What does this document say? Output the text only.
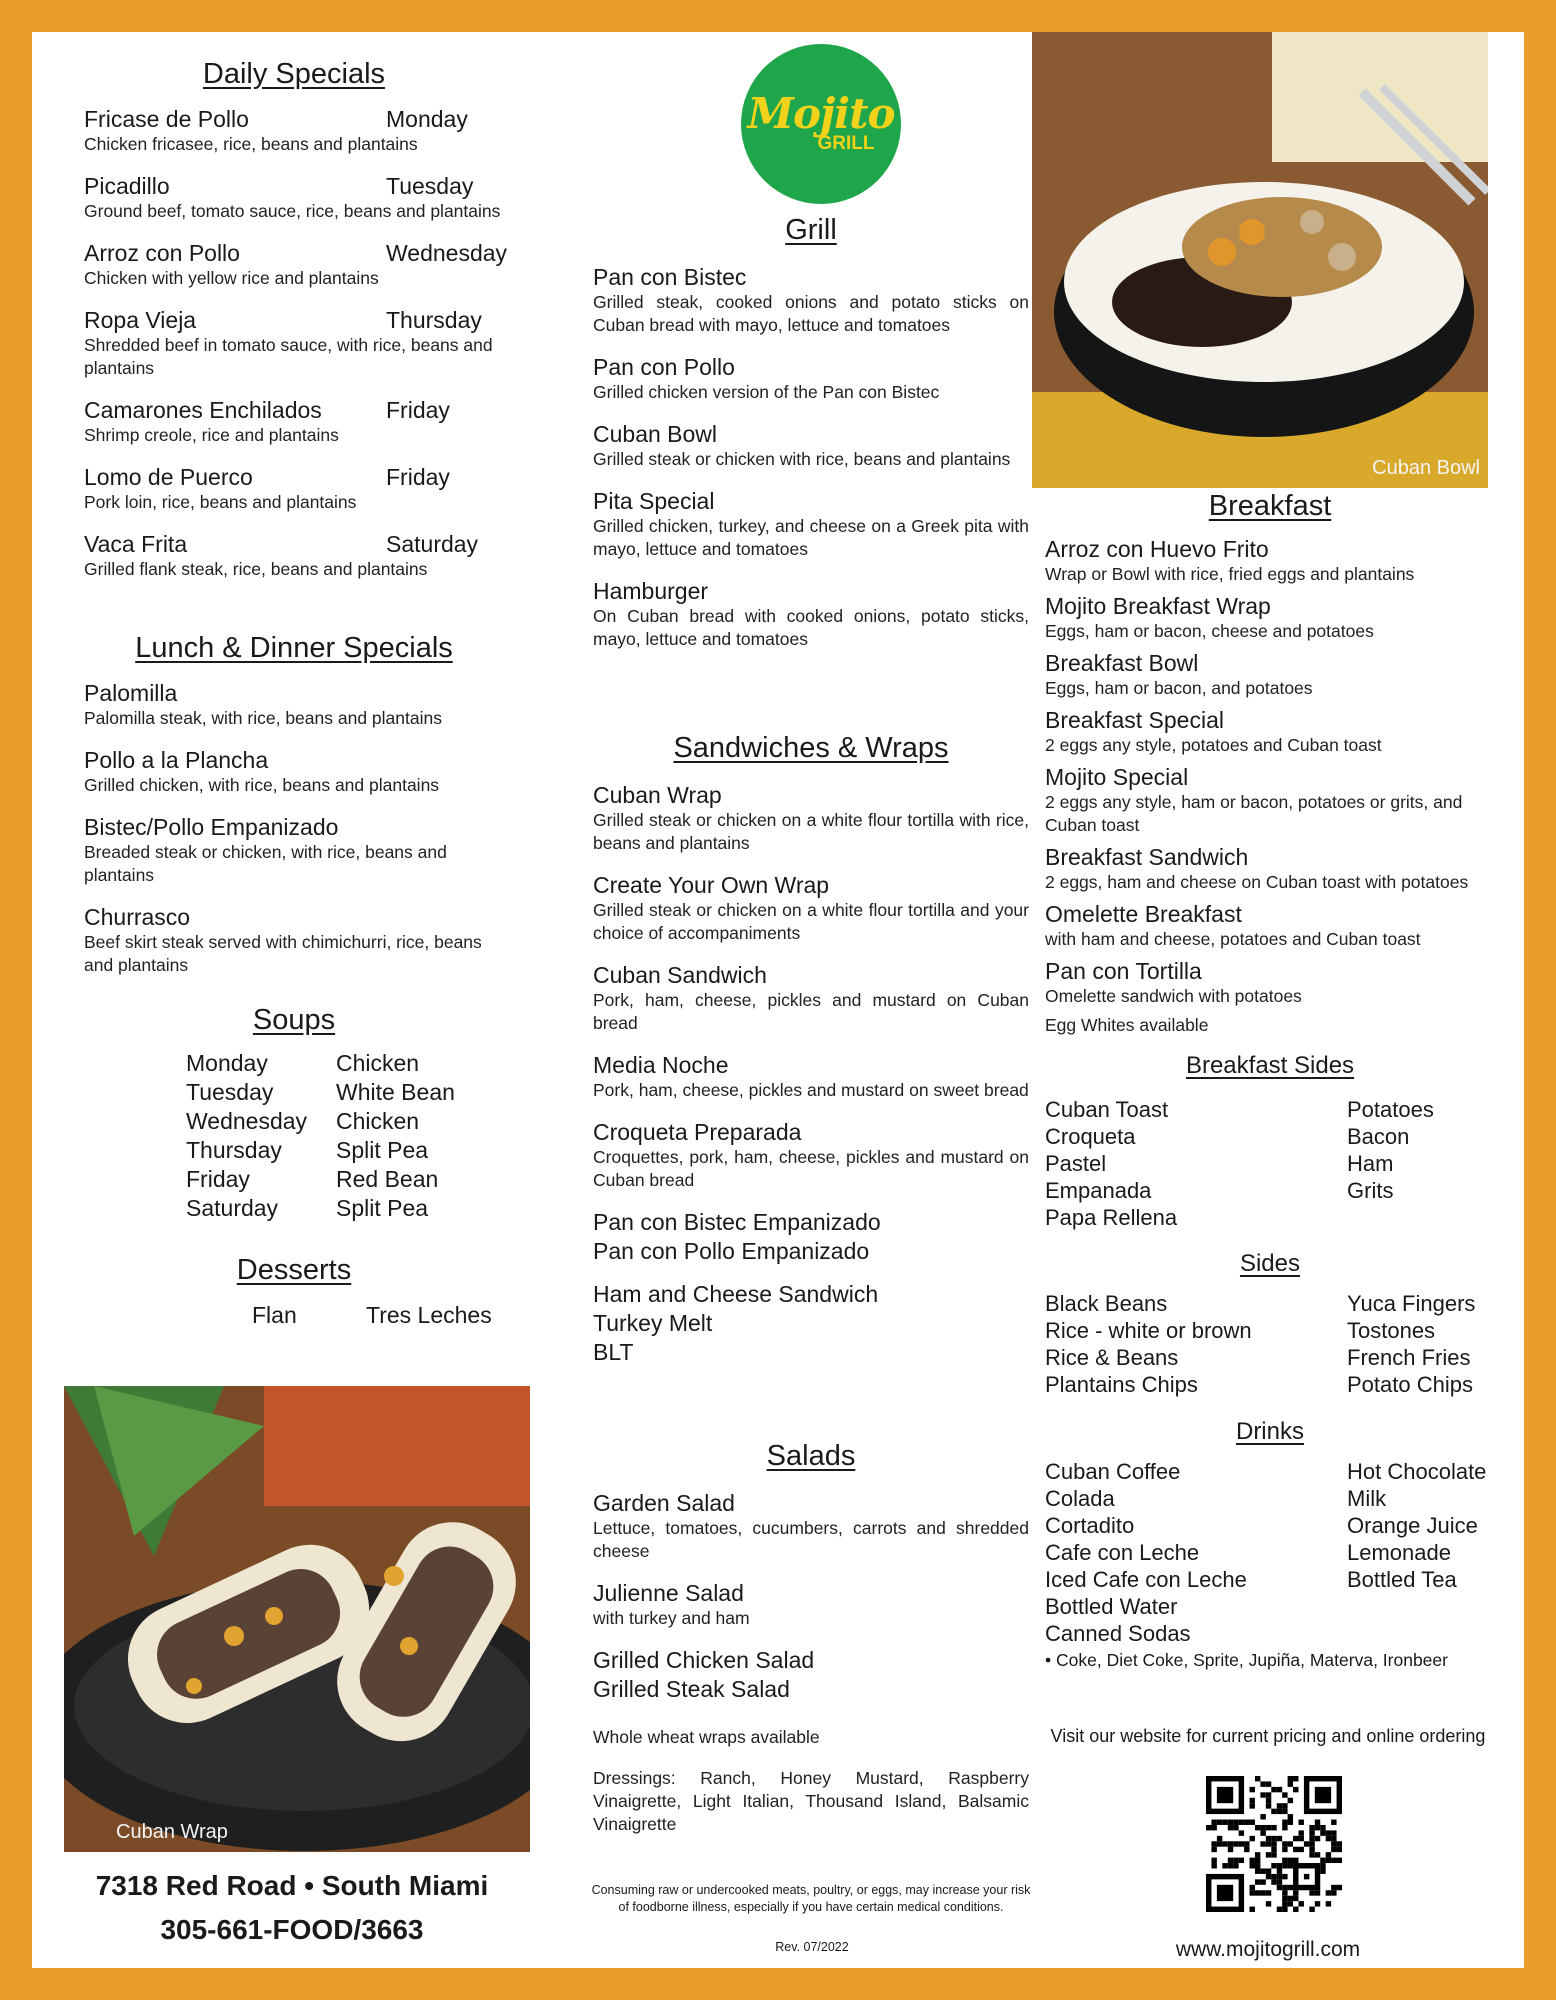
Daily Specials
Fricase de Pollo	Monday
Chicken fricasee, rice, beans and plantains
Picadillo	Tuesday
Ground beef, tomato sauce, rice, beans and plantains
Arroz con Pollo	Wednesday
Chicken with yellow rice and plantains
Ropa Vieja	Thursday
Shredded beef in tomato sauce, with rice, beans and plantains
Camarones Enchilados	Friday
Shrimp creole, rice and plantains
Lomo de Puerco	Friday
Pork loin, rice, beans and plantains
Vaca Frita	Saturday
Grilled flank steak, rice, beans and plantains
Lunch & Dinner Specials
Palomilla
Palomilla steak, with rice, beans and plantains
Pollo a la Plancha
Grilled chicken, with rice, beans and plantains
Bistec/Pollo Empanizado
Breaded steak or chicken, with rice, beans and plantains
Churrasco
Beef skirt steak served with chimichurri, rice, beans and plantains
Soups
Monday	Chicken
Tuesday	White Bean
Wednesday	Chicken
Thursday	Split Pea
Friday	Red Bean
Saturday	Split Pea
Desserts
Flan	Tres Leches
Cuban Wrap
7318 Red Road • South Miami
305-661-FOOD/3663
Mojito
GRILL
Grill
Pan con Bistec
Grilled steak, cooked onions and potato sticks on Cuban bread with mayo, lettuce and tomatoes
Pan con Pollo
Grilled chicken version of the Pan con Bistec
Cuban Bowl
Grilled steak or chicken with rice, beans and plantains
Pita Special
Grilled chicken, turkey, and cheese on a Greek pita with mayo, lettuce and tomatoes
Hamburger
On Cuban bread with cooked onions, potato sticks, mayo, lettuce and tomatoes
Sandwiches & Wraps
Cuban Wrap
Grilled steak or chicken on a white flour tortilla with rice, beans and plantains
Create Your Own Wrap
Grilled steak or chicken on a white flour tortilla and your choice of accompaniments
Cuban Sandwich
Pork, ham, cheese, pickles and mustard on Cuban bread
Media Noche
Pork, ham, cheese, pickles and mustard on sweet bread
Croqueta Preparada
Croquettes, pork, ham, cheese, pickles and mustard on Cuban bread
Pan con Bistec Empanizado
Pan con Pollo Empanizado
Ham and Cheese Sandwich
Turkey Melt
BLT
Salads
Garden Salad
Lettuce, tomatoes, cucumbers, carrots and shredded cheese
Julienne Salad
with turkey and ham
Grilled Chicken Salad
Grilled Steak Salad
Whole wheat wraps available
Dressings: Ranch, Honey Mustard, Raspberry Vinaigrette, Light Italian, Thousand Island, Balsamic Vinaigrette
Consuming raw or undercooked meats, poultry, or eggs, may increase your risk of foodborne illness, especially if you have certain medical conditions.
Rev. 07/2022
Cuban Bowl
Breakfast
Arroz con Huevo Frito
Wrap or Bowl with rice, fried eggs and plantains
Mojito Breakfast Wrap
Eggs, ham or bacon, cheese and potatoes
Breakfast Bowl
Eggs, ham or bacon, and potatoes
Breakfast Special
2 eggs any style, potatoes and Cuban toast
Mojito Special
2 eggs any style, ham or bacon, potatoes or grits, and Cuban toast
Breakfast Sandwich
2 eggs, ham and cheese on Cuban toast with potatoes
Omelette Breakfast
with ham and cheese, potatoes and Cuban toast
Pan con Tortilla
Omelette sandwich with potatoes
Egg Whites available
Breakfast Sides
Cuban Toast	Potatoes
Croqueta	Bacon
Pastel	Ham
Empanada	Grits
Papa Rellena
Sides
Black Beans	Yuca Fingers
Rice - white or brown	Tostones
Rice & Beans	French Fries
Plantains Chips	Potato Chips
Drinks
Cuban Coffee	Hot Chocolate
Colada	Milk
Cortadito	Orange Juice
Cafe con Leche	Lemonade
Iced Cafe con Leche	Bottled Tea
Bottled Water
Canned Sodas
• Coke, Diet Coke, Sprite, Jupiña, Materva, Ironbeer
Visit our website for current pricing and online ordering
www.mojitogrill.com
